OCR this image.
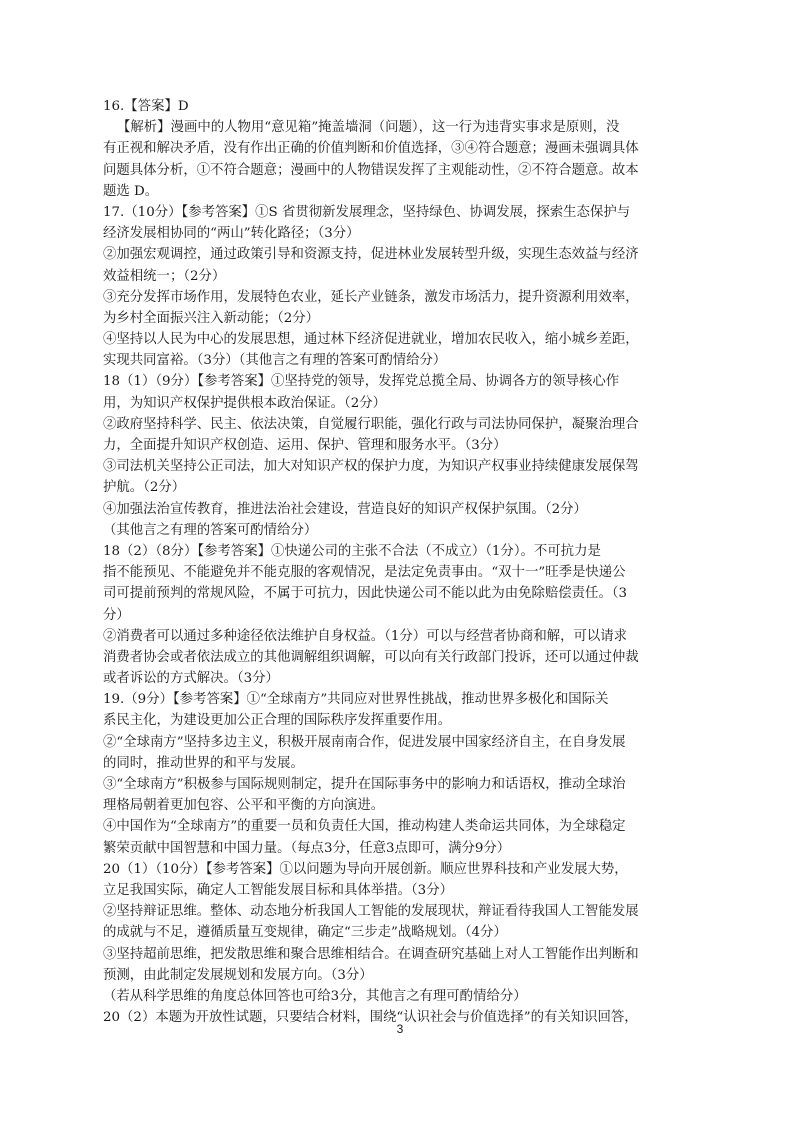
16.【答案】D
【解析】漫画中的人物用“意见箱”掩盖墙洞（问题），这一行为违背实事求是原则，没
有正视和解决矛盾，没有作出正确的价值判断和价值选择，③④符合题意；漫画未强调具体
问题具体分析，①不符合题意；漫画中的人物错误发挥了主观能动性，②不符合题意。故本
题选 D。
17.（10分）【参考答案】①S 省贯彻新发展理念，坚持绿色、协调发展，探索生态保护与
经济发展相协同的“两山”转化路径；（3分）
②加强宏观调控，通过政策引导和资源支持，促进林业发展转型升级，实现生态效益与经济
效益相统一；（2分）
③充分发挥市场作用，发展特色农业，延长产业链条，激发市场活力，提升资源利用效率，
为乡村全面振兴注入新动能；（2分）
④坚持以人民为中心的发展思想，通过林下经济促进就业，增加农民收入，缩小城乡差距，
实现共同富裕。（3分）（其他言之有理的答案可酌情给分）
18（1）（9分）【参考答案】①坚持党的领导，发挥党总揽全局、协调各方的领导核心作
用，为知识产权保护提供根本政治保证。（2分）
②政府坚持科学、民主、依法决策，自觉履行职能，强化行政与司法协同保护，凝聚治理合
力，全面提升知识产权创造、运用、保护、管理和服务水平。（3分）
③司法机关坚持公正司法，加大对知识产权的保护力度，为知识产权事业持续健康发展保驾
护航。（2分）
④加强法治宣传教育，推进法治社会建设，营造良好的知识产权保护氛围。（2分）
（其他言之有理的答案可酌情给分）
18（2）（8分）【参考答案】①快递公司的主张不合法（不成立）（1分）。不可抗力是
指不能预见、不能避免并不能克服的客观情况，是法定免责事由。“双十一”旺季是快递公
司可提前预判的常规风险，不属于可抗力，因此快递公司不能以此为由免除赔偿责任。（3
分）
②消费者可以通过多种途径依法维护自身权益。（1分）可以与经营者协商和解，可以请求
消费者协会或者依法成立的其他调解组织调解，可以向有关行政部门投诉，还可以通过仲裁
或者诉讼的方式解决。（3分）
19.（9分）【参考答案】①“全球南方”共同应对世界性挑战，推动世界多极化和国际关
系民主化，为建设更加公正合理的国际秩序发挥重要作用。
②“全球南方”坚持多边主义，积极开展南南合作，促进发展中国家经济自主，在自身发展
的同时，推动世界的和平与发展。
③“全球南方”积极参与国际规则制定，提升在国际事务中的影响力和话语权，推动全球治
理格局朝着更加包容、公平和平衡的方向演进。
④中国作为“全球南方”的重要一员和负责任大国，推动构建人类命运共同体，为全球稳定
繁荣贡献中国智慧和中国力量。（每点3分，任意3点即可，满分9分）
20（1）（10分）【参考答案】①以问题为导向开展创新。顺应世界科技和产业发展大势，
立足我国实际，确定人工智能发展目标和具体举措。（3分）
②坚持辩证思维。整体、动态地分析我国人工智能的发展现状，辩证看待我国人工智能发展
的成就与不足，遵循质量互变规律，确定“三步走”战略规划。（4分）
③坚持超前思维，把发散思维和聚合思维相结合。在调查研究基础上对人工智能作出判断和
预测，由此制定发展规划和发展方向。（3分）
（若从科学思维的角度总体回答也可给3分，其他言之有理可酌情给分）
20（2）本题为开放性试题，只要结合材料，围绕“认识社会与价值选择”的有关知识回答，
3
